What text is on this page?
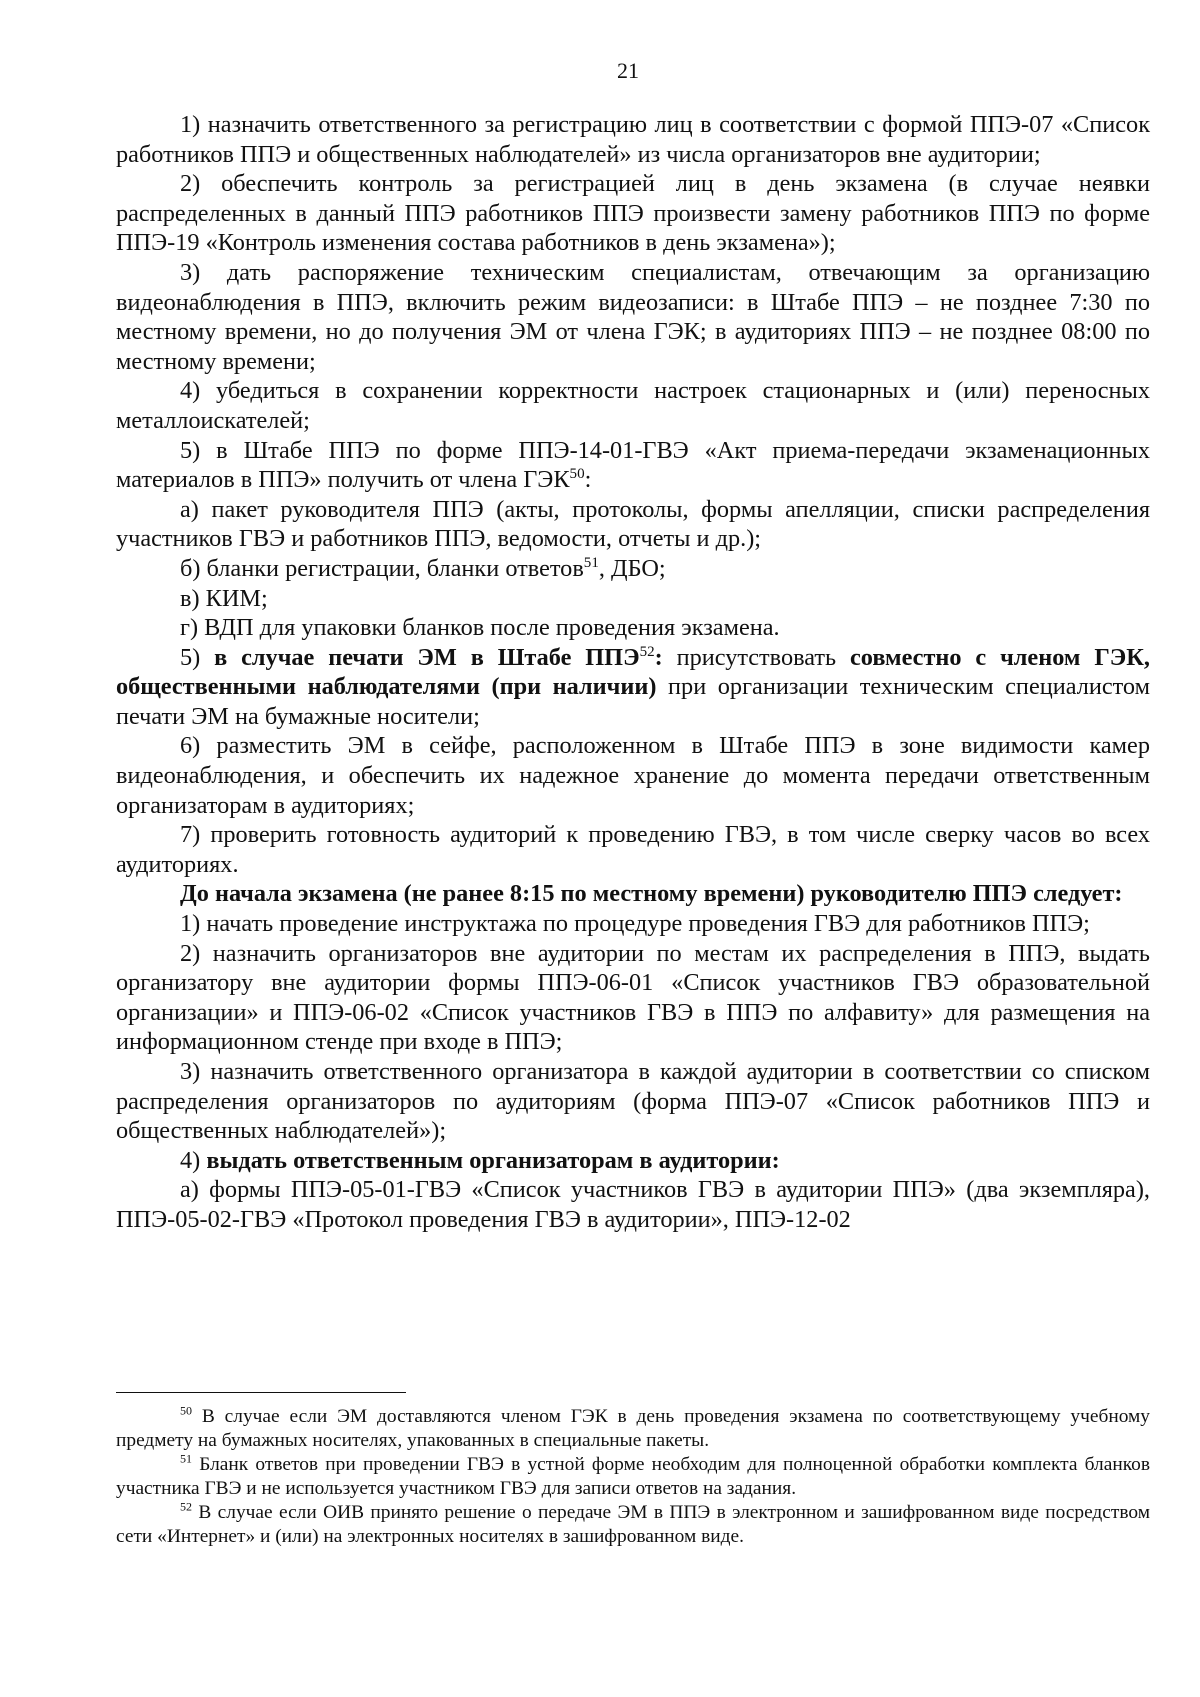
21

1) назначить ответственного за регистрацию лиц в соответствии с формой ППЭ-07 «Список работников ППЭ и общественных наблюдателей» из числа организаторов вне аудитории;

2) обеспечить контроль за регистрацией лиц в день экзамена (в случае неявки распределенных в данный ППЭ работников ППЭ произвести замену работников ППЭ по форме ППЭ-19 «Контроль изменения состава работников в день экзамена»);

3) дать распоряжение техническим специалистам, отвечающим за организацию видеонаблюдения в ППЭ, включить режим видеозаписи: в Штабе ППЭ – не позднее 7:30 по местному времени, но до получения ЭМ от члена ГЭК; в аудиториях ППЭ – не позднее 08:00 по местному времени;

4) убедиться в сохранении корректности настроек стационарных и (или) переносных металлоискателей;

5) в Штабе ППЭ по форме ППЭ-14-01-ГВЭ «Акт приема-передачи экзаменационных материалов в ППЭ» получить от члена ГЭК$^{50}$:

а) пакет руководителя ППЭ (акты, протоколы, формы апелляции, списки распределения участников ГВЭ и работников ППЭ, ведомости, отчеты и др.);

б) бланки регистрации, бланки ответов$^{51}$, ДБО;

в) КИМ;

г) ВДП для упаковки бланков после проведения экзамена.

5) в случае печати ЭМ в Штабе ППЭ$^{52}$: присутствовать совместно с членом ГЭК, общественными наблюдателями (при наличии) при организации техническим специалистом печати ЭМ на бумажные носители;

6) разместить ЭМ в сейфе, расположенном в Штабе ППЭ в зоне видимости камер видеонаблюдения, и обеспечить их надежное хранение до момента передачи ответственным организаторам в аудиториях;

7) проверить готовность аудиторий к проведению ГВЭ, в том числе сверку часов во всех аудиториях.

До начала экзамена (не ранее 8:15 по местному времени) руководителю ППЭ следует:

1) начать проведение инструктажа по процедуре проведения ГВЭ для работников ППЭ;

2) назначить организаторов вне аудитории по местам их распределения в ППЭ, выдать организатору вне аудитории формы ППЭ-06-01 «Список участников ГВЭ образовательной организации» и ППЭ-06-02 «Список участников ГВЭ в ППЭ по алфавиту» для размещения на информационном стенде при входе в ППЭ;

3) назначить ответственного организатора в каждой аудитории в соответствии со списком распределения организаторов по аудиториям (форма ППЭ-07 «Список работников ППЭ и общественных наблюдателей»);

4) выдать ответственным организаторам в аудитории:

а) формы ППЭ-05-01-ГВЭ «Список участников ГВЭ в аудитории ППЭ» (два экземпляра), ППЭ-05-02-ГВЭ «Протокол проведения ГВЭ в аудитории», ППЭ-12-02

$^{50}$ В случае если ЭМ доставляются членом ГЭК в день проведения экзамена по соответствующему учебному предмету на бумажных носителях, упакованных в специальные пакеты.

$^{51}$ Бланк ответов при проведении ГВЭ в устной форме необходим для полноценной обработки комплекта бланков участника ГВЭ и не используется участником ГВЭ для записи ответов на задания.

$^{52}$ В случае если ОИВ принято решение о передаче ЭМ в ППЭ в электронном и зашифрованном виде посредством сети «Интернет» и (или) на электронных носителях в зашифрованном виде.
